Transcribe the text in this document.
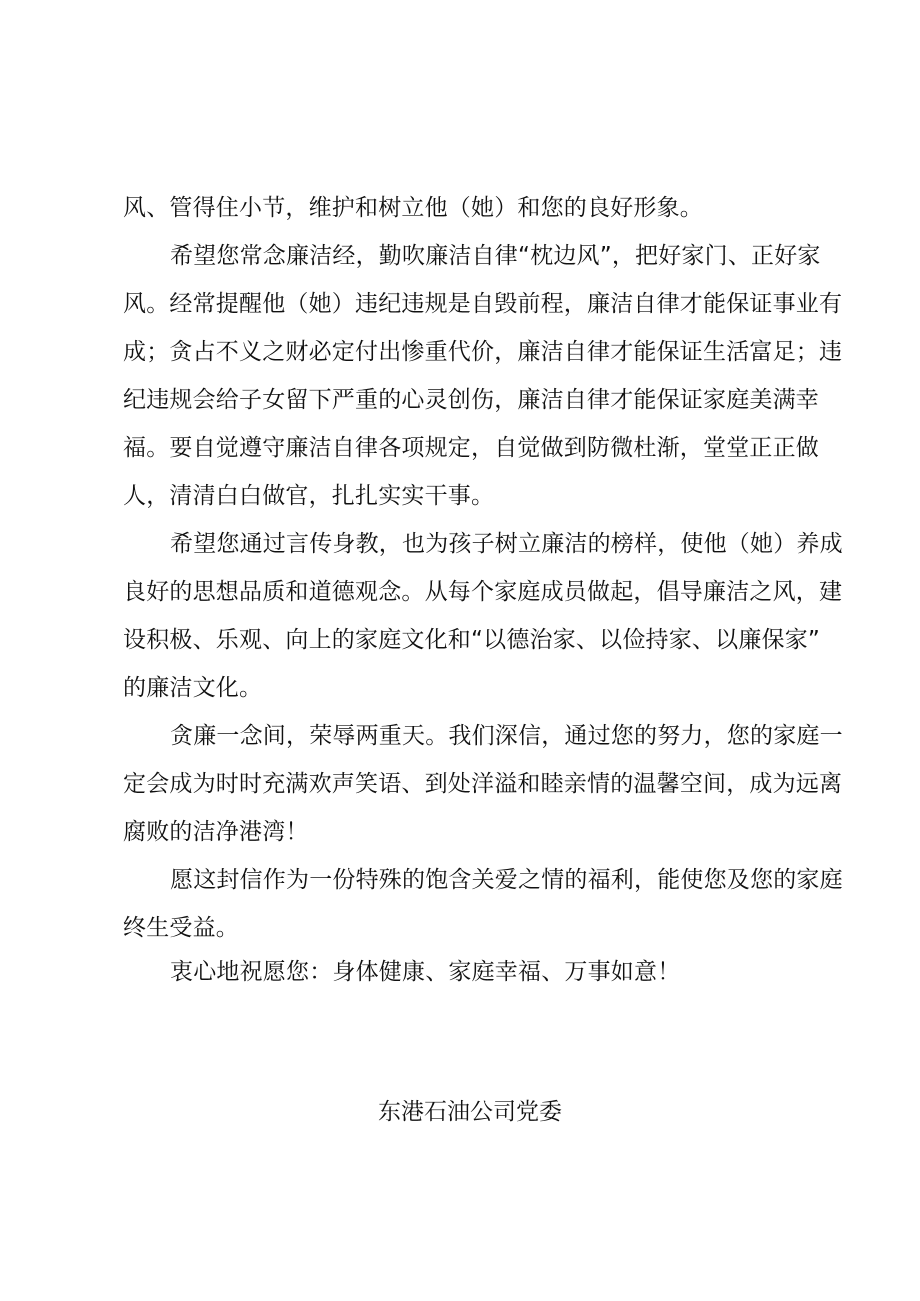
风、管得住小节，维护和树立他（她）和您的良好形象。
希望您常念廉洁经，勤吹廉洁自律“枕边风”，把好家门、正好家
风。经常提醒他（她）违纪违规是自毁前程，廉洁自律才能保证事业有
成；贪占不义之财必定付出惨重代价，廉洁自律才能保证生活富足；违
纪违规会给子女留下严重的心灵创伤，廉洁自律才能保证家庭美满幸
福。要自觉遵守廉洁自律各项规定，自觉做到防微杜渐，堂堂正正做
人，清清白白做官，扎扎实实干事。
希望您通过言传身教，也为孩子树立廉洁的榜样，使他（她）养成
良好的思想品质和道德观念。从每个家庭成员做起，倡导廉洁之风，建
设积极、乐观、向上的家庭文化和“以德治家、以俭持家、以廉保家”
的廉洁文化。
贪廉一念间，荣辱两重天。我们深信，通过您的努力，您的家庭一
定会成为时时充满欢声笑语、到处洋溢和睦亲情的温馨空间，成为远离
腐败的洁净港湾！
愿这封信作为一份特殊的饱含关爱之情的福利，能使您及您的家庭
终生受益。
衷心地祝愿您：身体健康、家庭幸福、万事如意！
东港石油公司党委
